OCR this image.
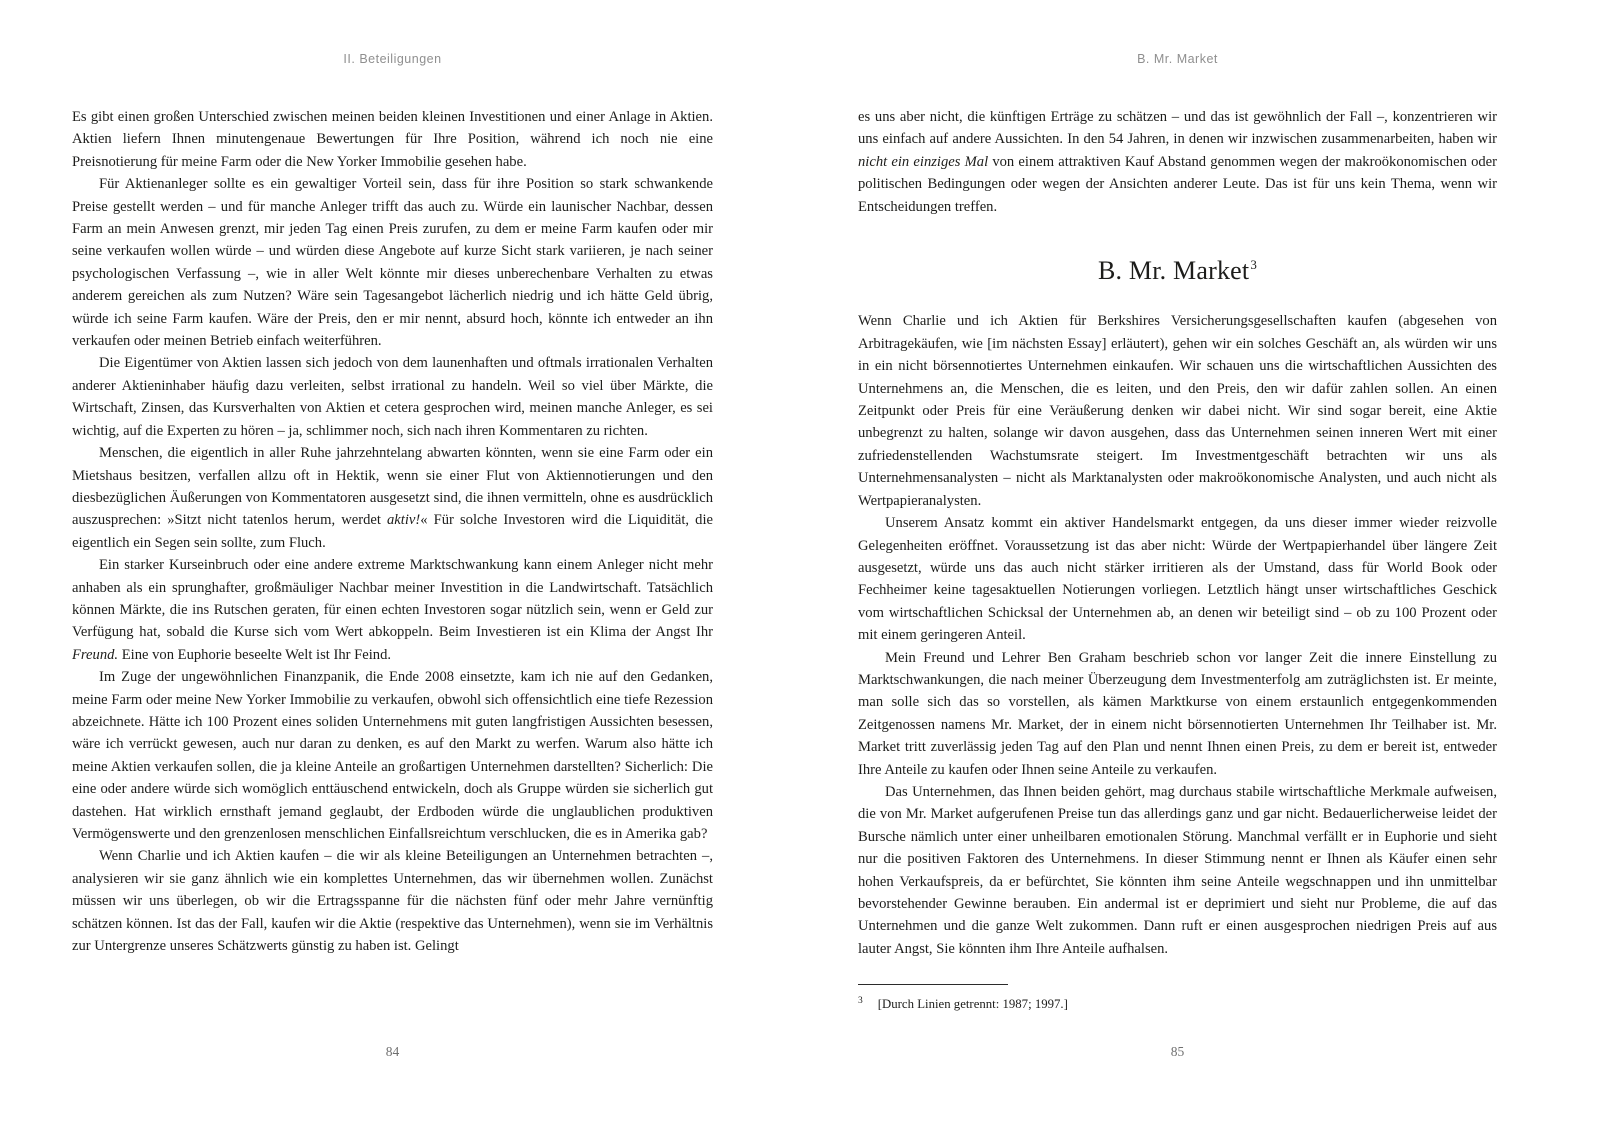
II. Beteiligungen

Es gibt einen großen Unterschied zwischen meinen beiden kleinen Investitionen und einer Anlage in Aktien. Aktien liefern Ihnen minutengenaue Bewertungen für Ihre Position, während ich noch nie eine Preisnotierung für meine Farm oder die New Yorker Immobilie gesehen habe.

Für Aktienanleger sollte es ein gewaltiger Vorteil sein, dass für ihre Position so stark schwankende Preise gestellt werden – und für manche Anleger trifft das auch zu. Würde ein launischer Nachbar, dessen Farm an mein Anwesen grenzt, mir jeden Tag einen Preis zurufen, zu dem er meine Farm kaufen oder mir seine verkaufen wollen würde – und würden diese Angebote auf kurze Sicht stark variieren, je nach seiner psychologischen Verfassung –, wie in aller Welt könnte mir dieses unberechenbare Verhalten zu etwas anderem gereichen als zum Nutzen? Wäre sein Tagesangebot lächerlich niedrig und ich hätte Geld übrig, würde ich seine Farm kaufen. Wäre der Preis, den er mir nennt, absurd hoch, könnte ich entweder an ihn verkaufen oder meinen Betrieb einfach weiterführen.

Die Eigentümer von Aktien lassen sich jedoch von dem launenhaften und oftmals irrationalen Verhalten anderer Aktieninhaber häufig dazu verleiten, selbst irrational zu handeln. Weil so viel über Märkte, die Wirtschaft, Zinsen, das Kursverhalten von Aktien et cetera gesprochen wird, meinen manche Anleger, es sei wichtig, auf die Experten zu hören – ja, schlimmer noch, sich nach ihren Kommentaren zu richten.

Menschen, die eigentlich in aller Ruhe jahrzehntelang abwarten könnten, wenn sie eine Farm oder ein Mietshaus besitzen, verfallen allzu oft in Hektik, wenn sie einer Flut von Aktiennotierungen und den diesbezüglichen Äußerungen von Kommentatoren ausgesetzt sind, die ihnen vermitteln, ohne es ausdrücklich auszusprechen: »Sitzt nicht tatenlos herum, werdet aktiv!« Für solche Investoren wird die Liquidität, die eigentlich ein Segen sein sollte, zum Fluch.

Ein starker Kurseinbruch oder eine andere extreme Marktschwankung kann einem Anleger nicht mehr anhaben als ein sprunghafter, großmäuliger Nachbar meiner Investition in die Landwirtschaft. Tatsächlich können Märkte, die ins Rutschen geraten, für einen echten Investoren sogar nützlich sein, wenn er Geld zur Verfügung hat, sobald die Kurse sich vom Wert abkoppeln. Beim Investieren ist ein Klima der Angst Ihr Freund. Eine von Euphorie beseelte Welt ist Ihr Feind.

Im Zuge der ungewöhnlichen Finanzpanik, die Ende 2008 einsetzte, kam ich nie auf den Gedanken, meine Farm oder meine New Yorker Immobilie zu verkaufen, obwohl sich offensichtlich eine tiefe Rezession abzeichnete. Hätte ich 100 Prozent eines soliden Unternehmens mit guten langfristigen Aussichten besessen, wäre ich verrückt gewesen, auch nur daran zu denken, es auf den Markt zu werfen. Warum also hätte ich meine Aktien verkaufen sollen, die ja kleine Anteile an großartigen Unternehmen darstellten? Sicherlich: Die eine oder andere würde sich womöglich enttäuschend entwickeln, doch als Gruppe würden sie sicherlich gut dastehen. Hat wirklich ernsthaft jemand geglaubt, der Erdboden würde die unglaublichen produktiven Vermögenswerte und den grenzenlosen menschlichen Einfallsreichtum verschlucken, die es in Amerika gab?

Wenn Charlie und ich Aktien kaufen – die wir als kleine Beteiligungen an Unternehmen betrachten –, analysieren wir sie ganz ähnlich wie ein komplettes Unternehmen, das wir übernehmen wollen. Zunächst müssen wir uns überlegen, ob wir die Ertragsspanne für die nächsten fünf oder mehr Jahre vernünftig schätzen können. Ist das der Fall, kaufen wir die Aktie (respektive das Unternehmen), wenn sie im Verhältnis zur Untergrenze unseres Schätzwerts günstig zu haben ist. Gelingt

84
B. Mr. Market

es uns aber nicht, die künftigen Erträge zu schätzen – und das ist gewöhnlich der Fall –, konzentrieren wir uns einfach auf andere Aussichten. In den 54 Jahren, in denen wir inzwischen zusammenarbeiten, haben wir nicht ein einziges Mal von einem attraktiven Kauf Abstand genommen wegen der makroökonomischen oder politischen Bedingungen oder wegen der Ansichten anderer Leute. Das ist für uns kein Thema, wenn wir Entscheidungen treffen.

B. Mr. Market$^3$

Wenn Charlie und ich Aktien für Berkshires Versicherungsgesellschaften kaufen (abgesehen von Arbitragekäufen, wie [im nächsten Essay] erläutert), gehen wir ein solches Geschäft an, als würden wir uns in ein nicht börsennotiertes Unternehmen einkaufen. Wir schauen uns die wirtschaftlichen Aussichten des Unternehmens an, die Menschen, die es leiten, und den Preis, den wir dafür zahlen sollen. An einen Zeitpunkt oder Preis für eine Veräußerung denken wir dabei nicht. Wir sind sogar bereit, eine Aktie unbegrenzt zu halten, solange wir davon ausgehen, dass das Unternehmen seinen inneren Wert mit einer zufriedenstellenden Wachstumsrate steigert. Im Investmentgeschäft betrachten wir uns als Unternehmensanalysten – nicht als Marktanalysten oder makroökonomische Analysten, und auch nicht als Wertpapieranalysten.

Unserem Ansatz kommt ein aktiver Handelsmarkt entgegen, da uns dieser immer wieder reizvolle Gelegenheiten eröffnet. Voraussetzung ist das aber nicht: Würde der Wertpapierhandel über längere Zeit ausgesetzt, würde uns das auch nicht stärker irritieren als der Umstand, dass für World Book oder Fechheimer keine tagesaktuellen Notierungen vorliegen. Letztlich hängt unser wirtschaftliches Geschick vom wirtschaftlichen Schicksal der Unternehmen ab, an denen wir beteiligt sind – ob zu 100 Prozent oder mit einem geringeren Anteil.

Mein Freund und Lehrer Ben Graham beschrieb schon vor langer Zeit die innere Einstellung zu Marktschwankungen, die nach meiner Überzeugung dem Investmenterfolg am zuträglichsten ist. Er meinte, man solle sich das so vorstellen, als kämen Marktkurse von einem erstaunlich entgegenkommenden Zeitgenossen namens Mr. Market, der in einem nicht börsennotierten Unternehmen Ihr Teilhaber ist. Mr. Market tritt zuverlässig jeden Tag auf den Plan und nennt Ihnen einen Preis, zu dem er bereit ist, entweder Ihre Anteile zu kaufen oder Ihnen seine Anteile zu verkaufen.

Das Unternehmen, das Ihnen beiden gehört, mag durchaus stabile wirtschaftliche Merkmale aufweisen, die von Mr. Market aufgerufenen Preise tun das allerdings ganz und gar nicht. Bedauerlicherweise leidet der Bursche nämlich unter einer unheilbaren emotionalen Störung. Manchmal verfällt er in Euphorie und sieht nur die positiven Faktoren des Unternehmens. In dieser Stimmung nennt er Ihnen als Käufer einen sehr hohen Verkaufspreis, da er befürchtet, Sie könnten ihm seine Anteile wegschnappen und ihn unmittelbar bevorstehender Gewinne berauben. Ein andermal ist er deprimiert und sieht nur Probleme, die auf das Unternehmen und die ganze Welt zukommen. Dann ruft er einen ausgesprochen niedrigen Preis auf aus lauter Angst, Sie könnten ihm Ihre Anteile aufhalsen.

$^3$ [Durch Linien getrennt: 1987; 1997.]
85
